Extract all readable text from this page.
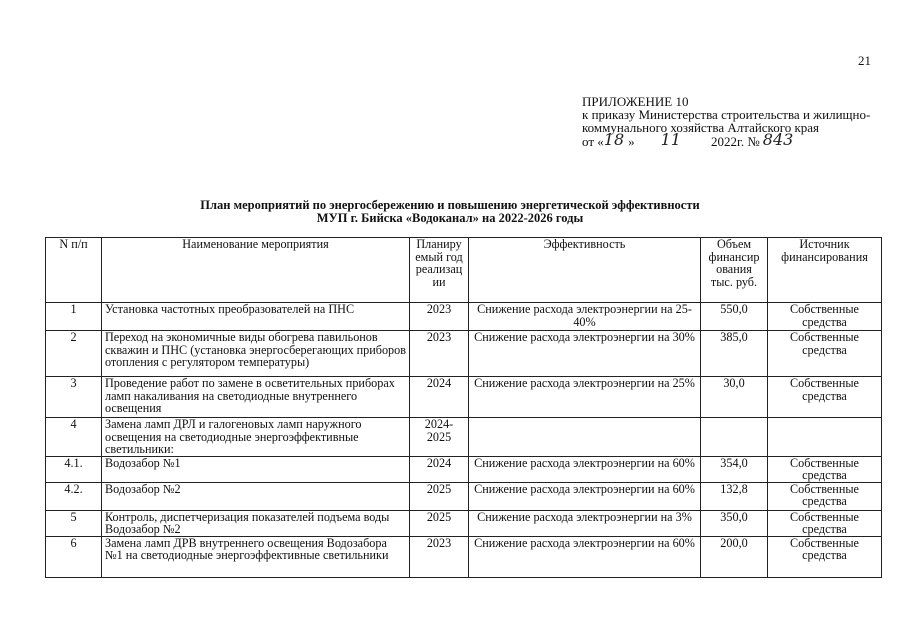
21
ПРИЛОЖЕНИЕ 10
к приказу Министерства строительства и жилищно-
коммунального хозяйства Алтайского края
от «18 » 11 2022г. № 843
План мероприятий по энергосбережению и повышению энергетической эффективности
МУП г. Бийска «Водоканал» на 2022-2026 годы
N п/п	Наименование мероприятия	Планиру емый год реализац ии	Эффективность	Объем финансир ования тыс. руб.	Источник финансирования
1	Установка частотных преобразователей на ПНС	2023	Снижение расхода электроэнергии на 25-40%	550,0	Собственные средства
2	Переход на экономичные виды обогрева павильонов скважин и ПНС (установка энергосберегающих приборов отопления с регулятором температуры)	2023	Снижение расхода электроэнергии на 30%	385,0	Собственные средства
3	Проведение работ по замене в осветительных приборах ламп накаливания на светодиодные внутреннего освещения	2024	Снижение расхода электроэнергии на 25%	30,0	Собственные средства
4	Замена ламп ДРЛ и галогеновых ламп наружного освещения на светодиодные энергоэффективные светильники:	2024-2025			
4.1.	Водозабор №1	2024	Снижение расхода электроэнергии на 60%	354,0	Собственные средства
4.2.	Водозабор №2	2025	Снижение расхода электроэнергии на 60%	132,8	Собственные средства
5	Контроль, диспетчеризация показателей подъема воды Водозабор №2	2025	Снижение расхода электроэнергии на 3%	350,0	Собственные средства
6	Замена ламп ДРВ внутреннего освещения Водозабора №1 на светодиодные энергоэффективные светильники	2023	Снижение расхода электроэнергии на 60%	200,0	Собственные средства
